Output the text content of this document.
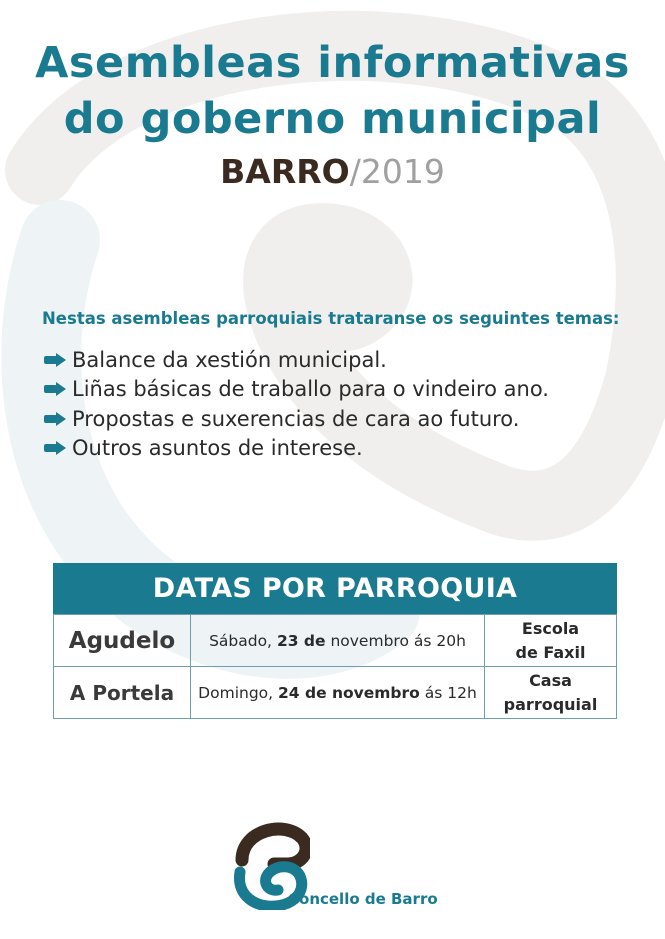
Asembleas informativas
do goberno municipal
BARRO/2019
Nestas asembleas parroquiais trataranse os seguintes temas:
Balance da xestión municipal.
Liñas básicas de traballo para o vindeiro ano.
Propostas e suxerencias de cara ao futuro.
Outros asuntos de interese.
DATAS POR PARROQUIA
Agudelo	Sábado, 23 de novembro ás 20h	Escola
de Faxil

A Portela	Domingo, 24 de novembro ás 12h	Casa
parroquial
Concello de Barro
